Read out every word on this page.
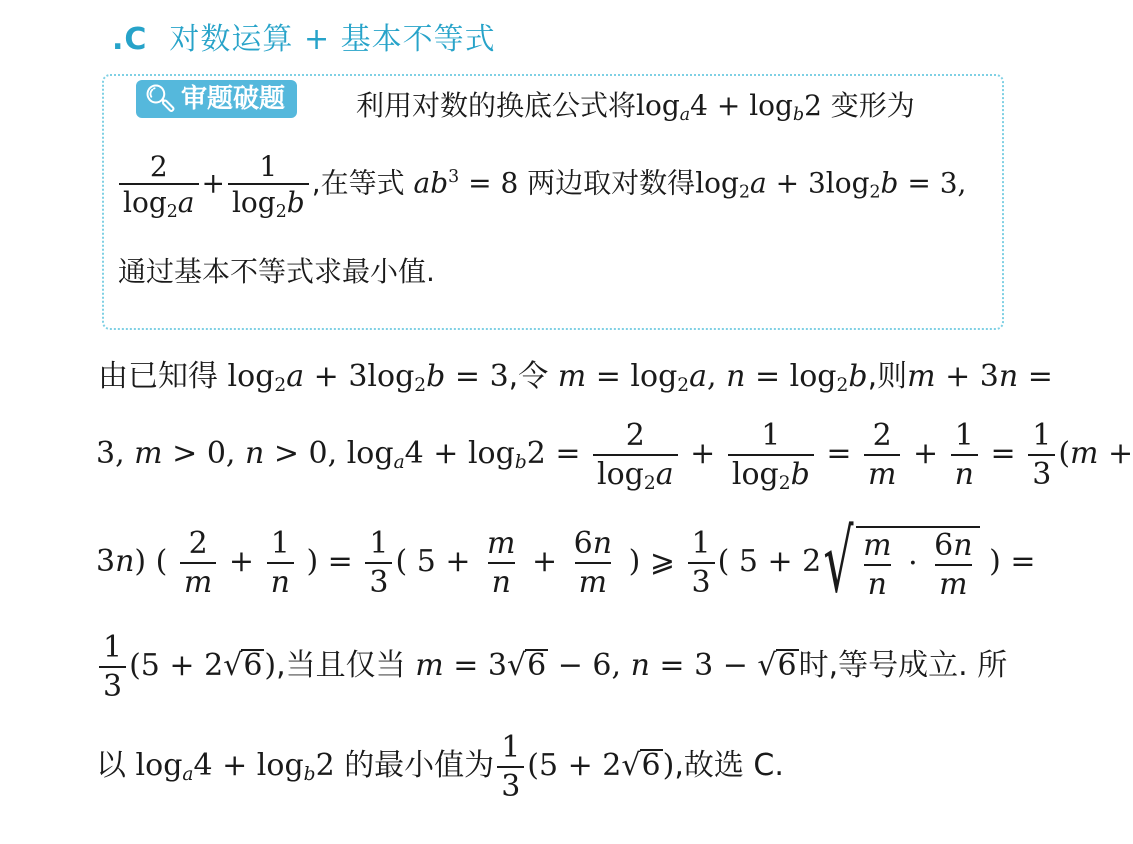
.C 对数运算 + 基本不等式
🔍︎ 审题破题	利用对数的换底公式将$\log_a4 + \log_b2$ 变形为
$\frac{2}{\log_2a} + \frac{1}{\log_2b}$ ,在等式 $ab^3 = 8$ 两边取对数得$\log_2a + 3\log_2b = 3$,
通过基本不等式求最小值.
由已知得 $\log_2a + 3\log_2b = 3$,令 $m = \log_2a$, $n = \log_2b$,则m + 3n =
3, m > 0, n > 0, $\log_a4 + \log_b2 = \frac{2}{\log_2a} + \frac{1}{\log_2b} = \frac{2}{m} + \frac{1}{n} = \frac{1}{3} (m$ +
3n) ( $\frac{2}{m} + \frac{1}{n}$ ) = $\frac{1}{3}$ ( $5 + \frac{m}{n} + \frac{6n}{m}$ ) ⩾ $\frac{1}{3}$ ( $5 + 2√ \frac{m}{n} \cdot \frac{6n}{m}$ ) =
$\frac{1}{3} (5 + 2√6)$,当且仅当 m = 3√6 − 6, n = 3 − √6时,等号成立. 所
以 $\log_a4 + \log_b2$ 的最小值为 $\frac{1}{3} (5 + 2√6)$,故选 C.
